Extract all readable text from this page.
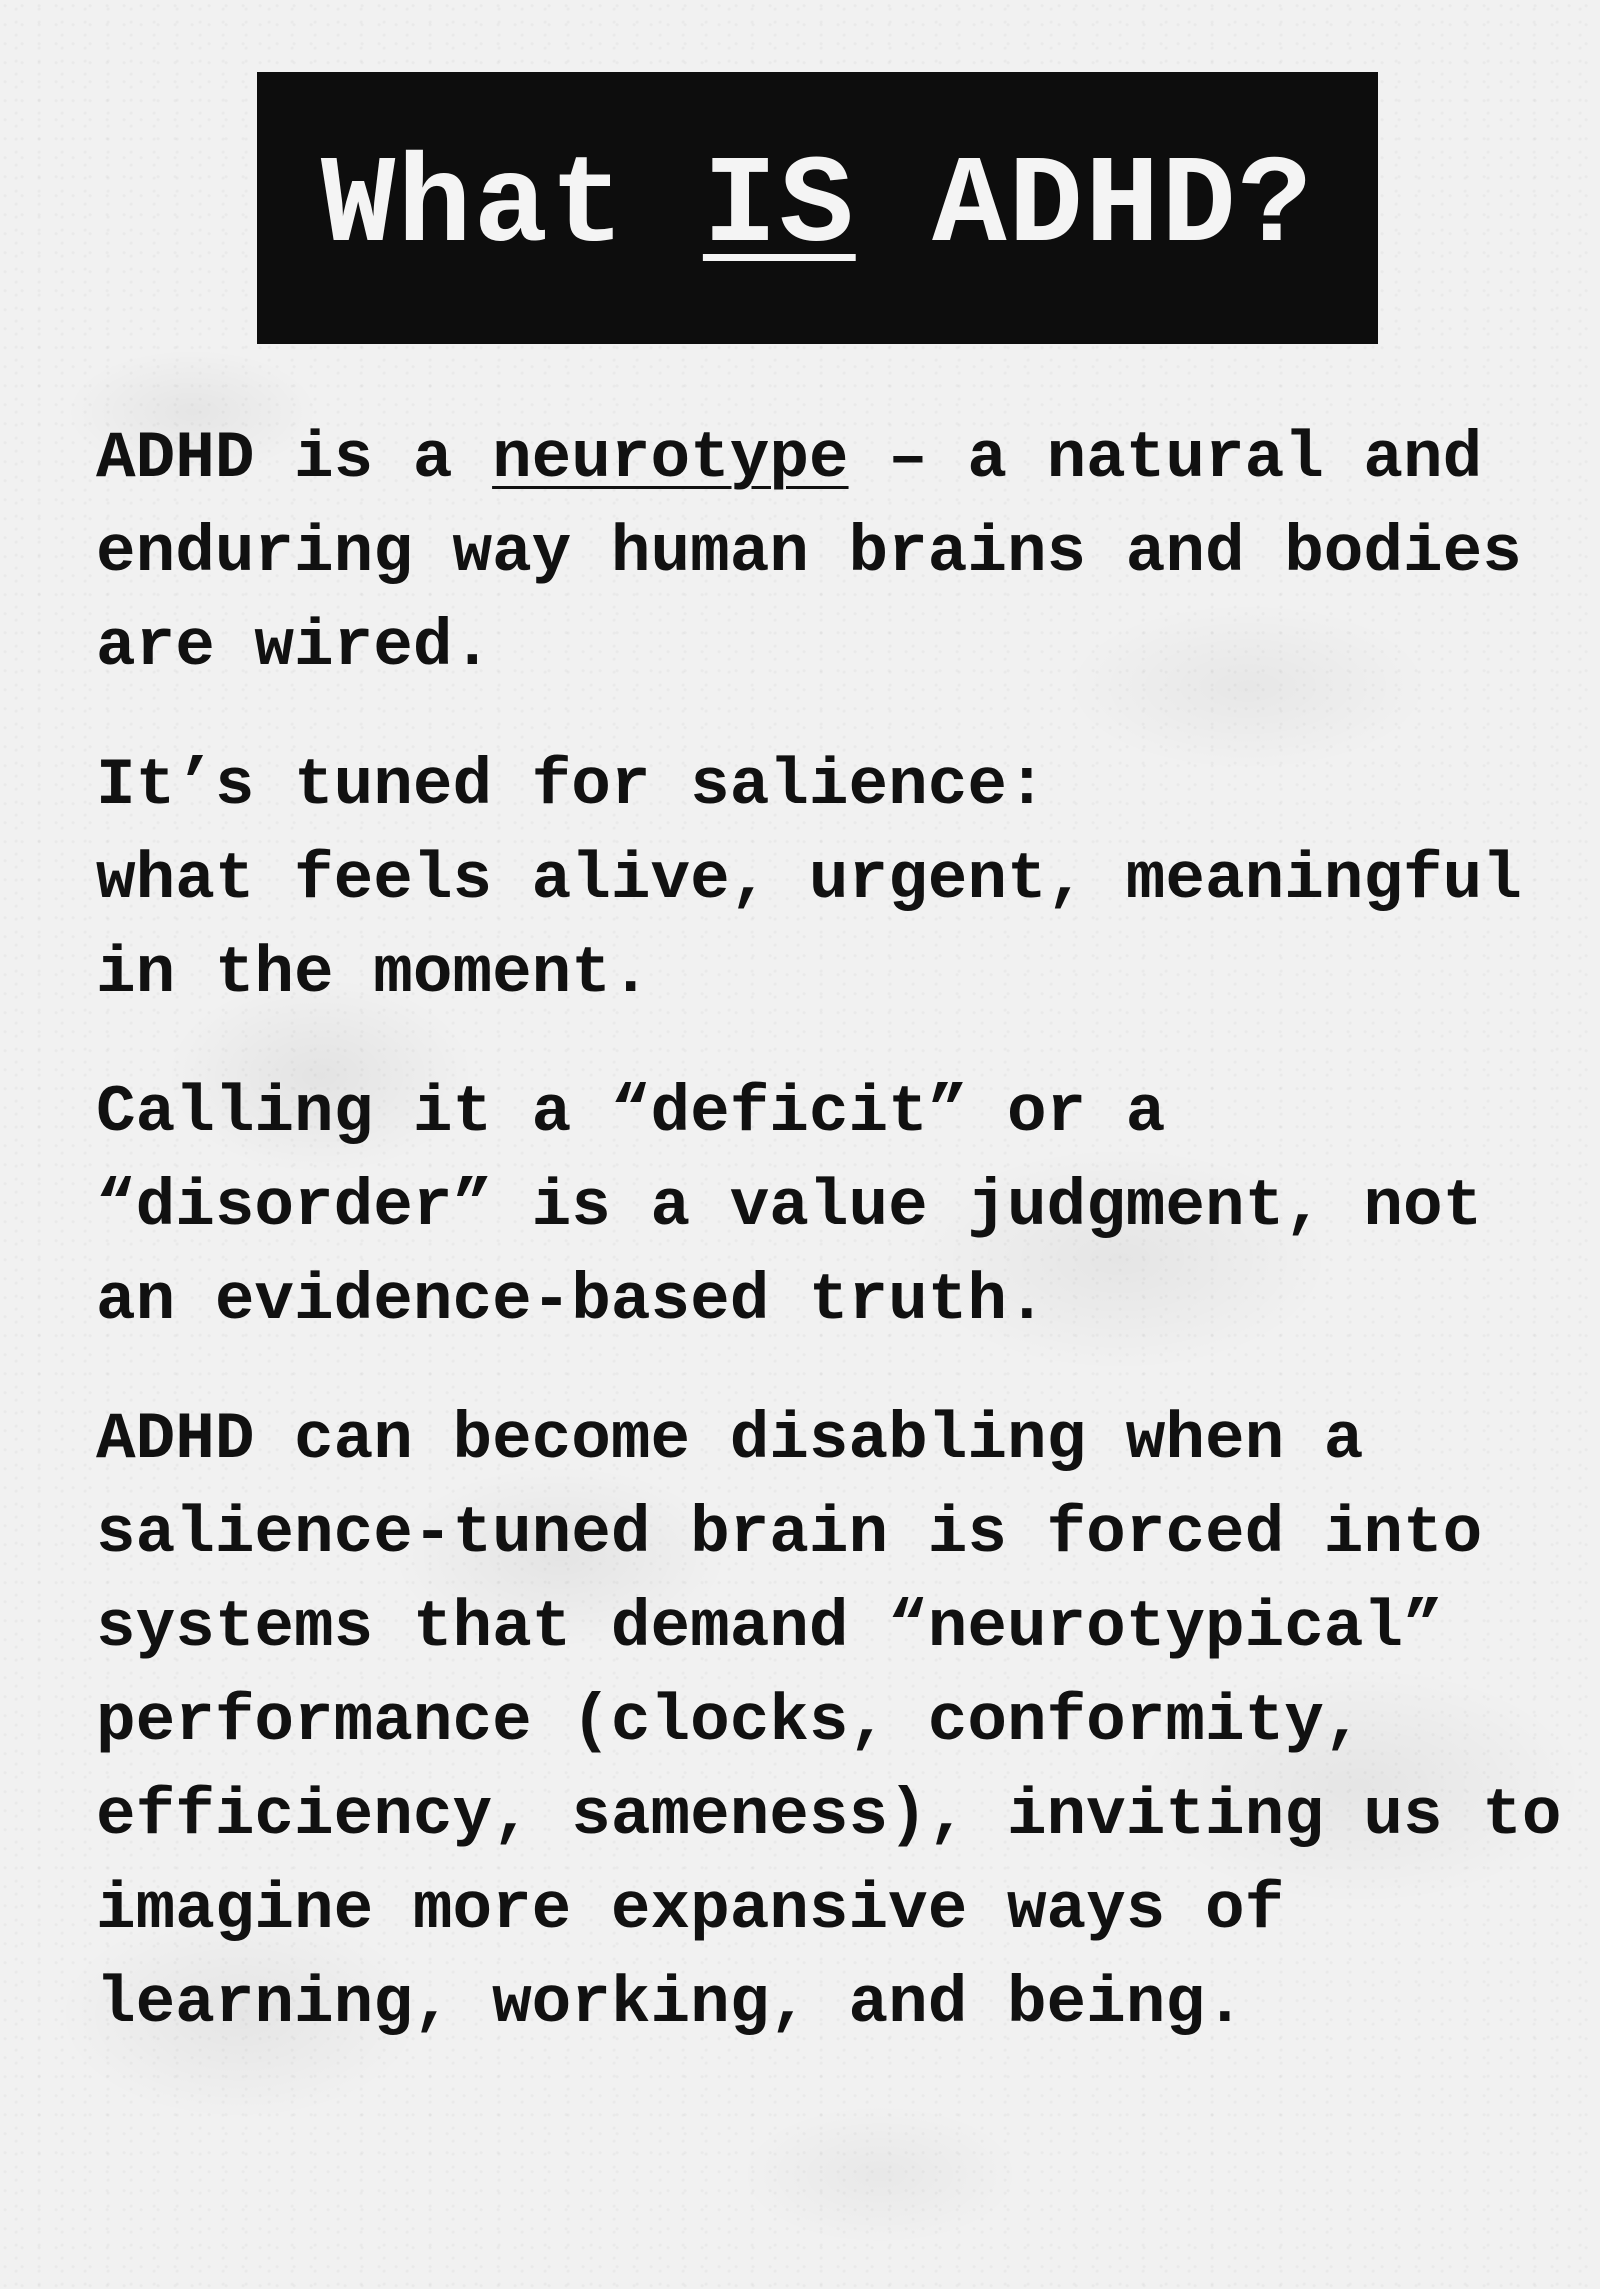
What IS ADHD?

ADHD is a neurotype – a natural and
enduring way human brains and bodies
are wired.

It’s tuned for salience:
what feels alive, urgent, meaningful
in the moment.

Calling it a “deficit” or a
“disorder” is a value judgment, not
an evidence-based truth.

ADHD can become disabling when a
salience-tuned brain is forced into
systems that demand “neurotypical”
performance (clocks, conformity,
efficiency, sameness), inviting us to
imagine more expansive ways of
learning, working, and being.
